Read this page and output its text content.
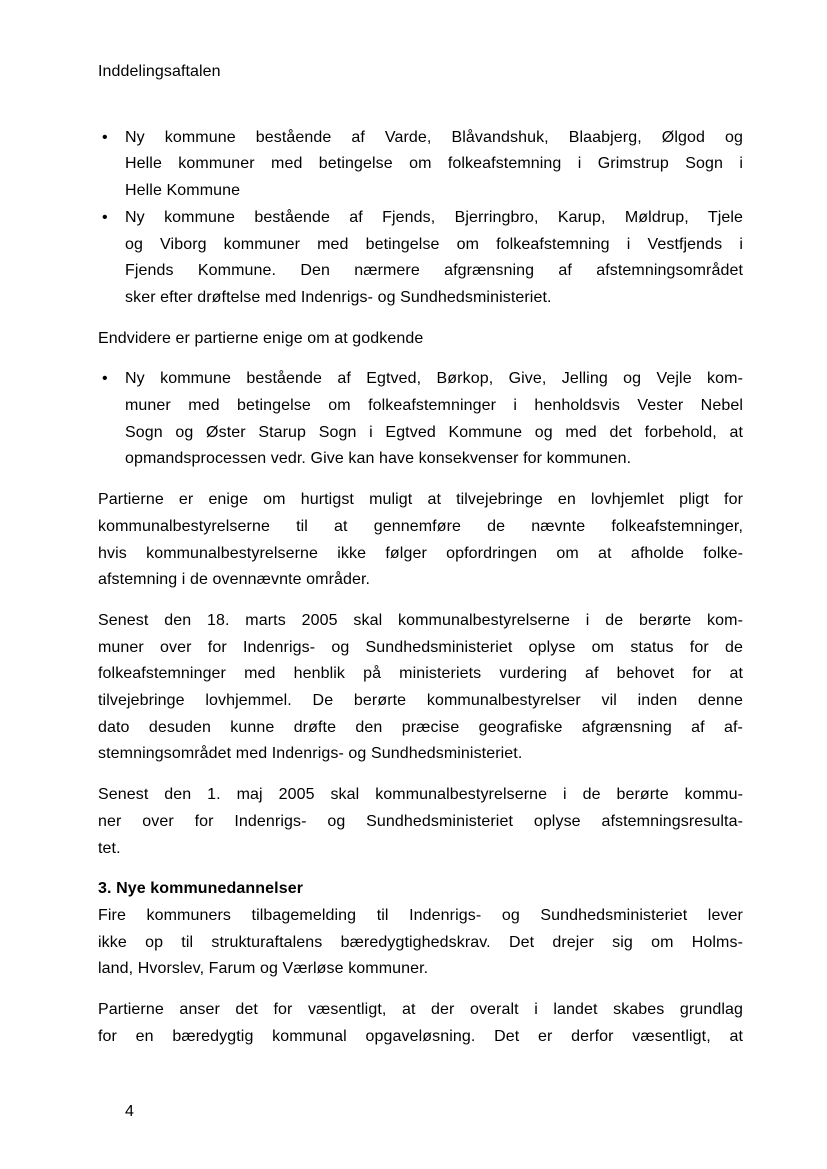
Inddelingsaftalen
•	Ny kommune bestående af Varde, Blåvandshuk, Blaabjerg, Ølgod og
Helle kommuner med betingelse om folkeafstemning i Grimstrup Sogn i
Helle Kommune
•	Ny kommune bestående af Fjends, Bjerringbro, Karup, Møldrup, Tjele
og Viborg kommuner med betingelse om folkeafstemning i Vestfjends i
Fjends Kommune. Den nærmere afgrænsning af afstemningsområdet
sker efter drøftelse med Indenrigs- og Sundhedsministeriet.
Endvidere er partierne enige om at godkende
•	Ny kommune bestående af Egtved, Børkop, Give, Jelling og Vejle kom-
muner med betingelse om folkeafstemninger i henholdsvis Vester Nebel
Sogn og Øster Starup Sogn i Egtved Kommune og med det forbehold, at
opmandsprocessen vedr. Give kan have konsekvenser for kommunen.
Partierne er enige om hurtigst muligt at tilvejebringe en lovhjemlet pligt for
kommunalbestyrelserne til at gennemføre de nævnte folkeafstemninger,
hvis kommunalbestyrelserne ikke følger opfordringen om at afholde folke-
afstemning i de ovennævnte områder.
Senest den 18. marts 2005 skal kommunalbestyrelserne i de berørte kom-
muner over for Indenrigs- og Sundhedsministeriet oplyse om status for de
folkeafstemninger med henblik på ministeriets vurdering af behovet for at
tilvejebringe lovhjemmel. De berørte kommunalbestyrelser vil inden denne
dato desuden kunne drøfte den præcise geografiske afgrænsning af af-
stemningsområdet med Indenrigs- og Sundhedsministeriet.
Senest den 1. maj 2005 skal kommunalbestyrelserne i de berørte kommu-
ner over for Indenrigs- og Sundhedsministeriet oplyse afstemningsresulta-
tet.
3. Nye kommunedannelser
Fire kommuners tilbagemelding til Indenrigs- og Sundhedsministeriet lever
ikke op til strukturaftalens bæredygtighedskrav. Det drejer sig om Holms-
land, Hvorslev, Farum og Værløse kommuner.
Partierne anser det for væsentligt, at der overalt i landet skabes grundlag
for en bæredygtig kommunal opgaveløsning. Det er derfor væsentligt, at
4
